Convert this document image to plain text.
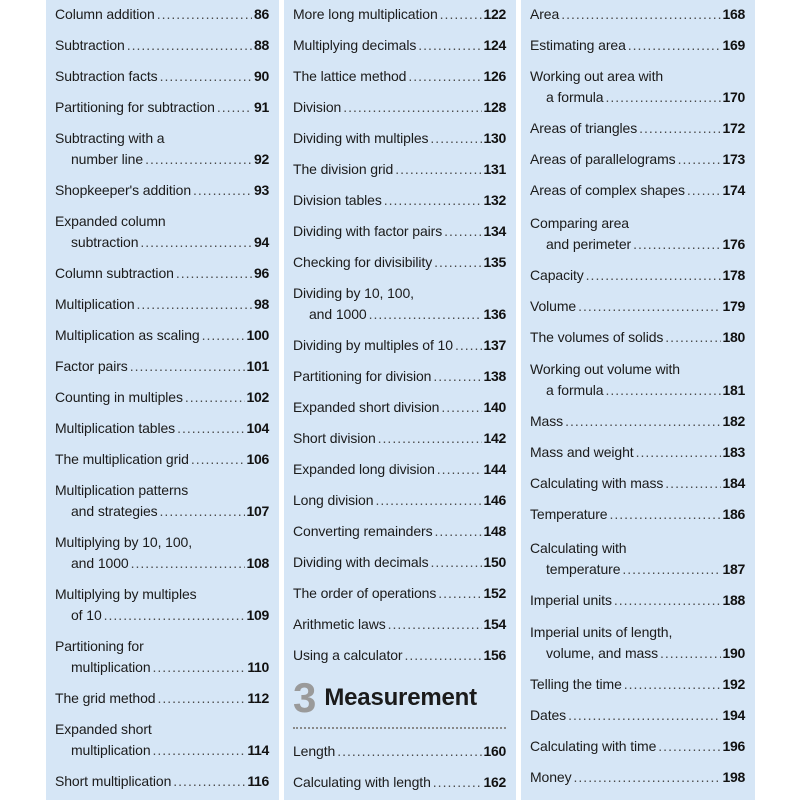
Column addition .....	86
Subtraction .....	88
Subtraction facts .....	90
Partitioning for subtraction .....	91
Subtracting with a
number line .....	92
Shopkeeper's addition .....	93
Expanded column
subtraction .....	94
Column subtraction .....	96
Multiplication .....	98
Multiplication as scaling .....	100
Factor pairs .....	101
Counting in multiples .....	102
Multiplication tables .....	104
The multiplication grid .....	106
Multiplication patterns
and strategies .....	107
Multiplying by 10, 100,
and 1000 .....	108
Multiplying by multiples
of 10 .....	109
Partitioning for
multiplication .....	110
The grid method .....	112
Expanded short
multiplication .....	114
Short multiplication .....	116
3 Measurement
More long multiplication .....	122
Multiplying decimals .....	124
The lattice method .....	126
Division .....	128
Dividing with multiples .....	130
The division grid .....	131
Division tables .....	132
Dividing with factor pairs .....	134
Checking for divisibility .....	135
Dividing by 10, 100,
and 1000 .....	136
Dividing by multiples of 10 ..... 137
Partitioning for division .....	138
Expanded short division .....	140
Short division .....	142
Expanded long division .....	144
Long division .....	146
Converting remainders .....	148
Dividing with decimals .....	150
The order of operations .....	152
Arithmetic laws .....	154
Using a calculator .....	156
Length .....	160
Calculating with length .....	162
Area .....	168
Estimating area .....	169
Working out area with
a formula .....	170
Areas of triangles .....	172
Areas of parallelograms .....	173
Areas of complex shapes .....	174
Comparing area
and perimeter .....	176
Capacity .....	178
Volume .....	179
The volumes of solids .....	180
Working out volume with
a formula .....	181
Mass .....	182
Mass and weight .....	183
Calculating with mass .....	184
Temperature .....	186
Calculating with
temperature .....	187
Imperial units .....	188
Imperial units of length,
volume, and mass .....	190
Telling the time .....	192
Dates .....	194
Calculating with time .....	196
Money .....	198
